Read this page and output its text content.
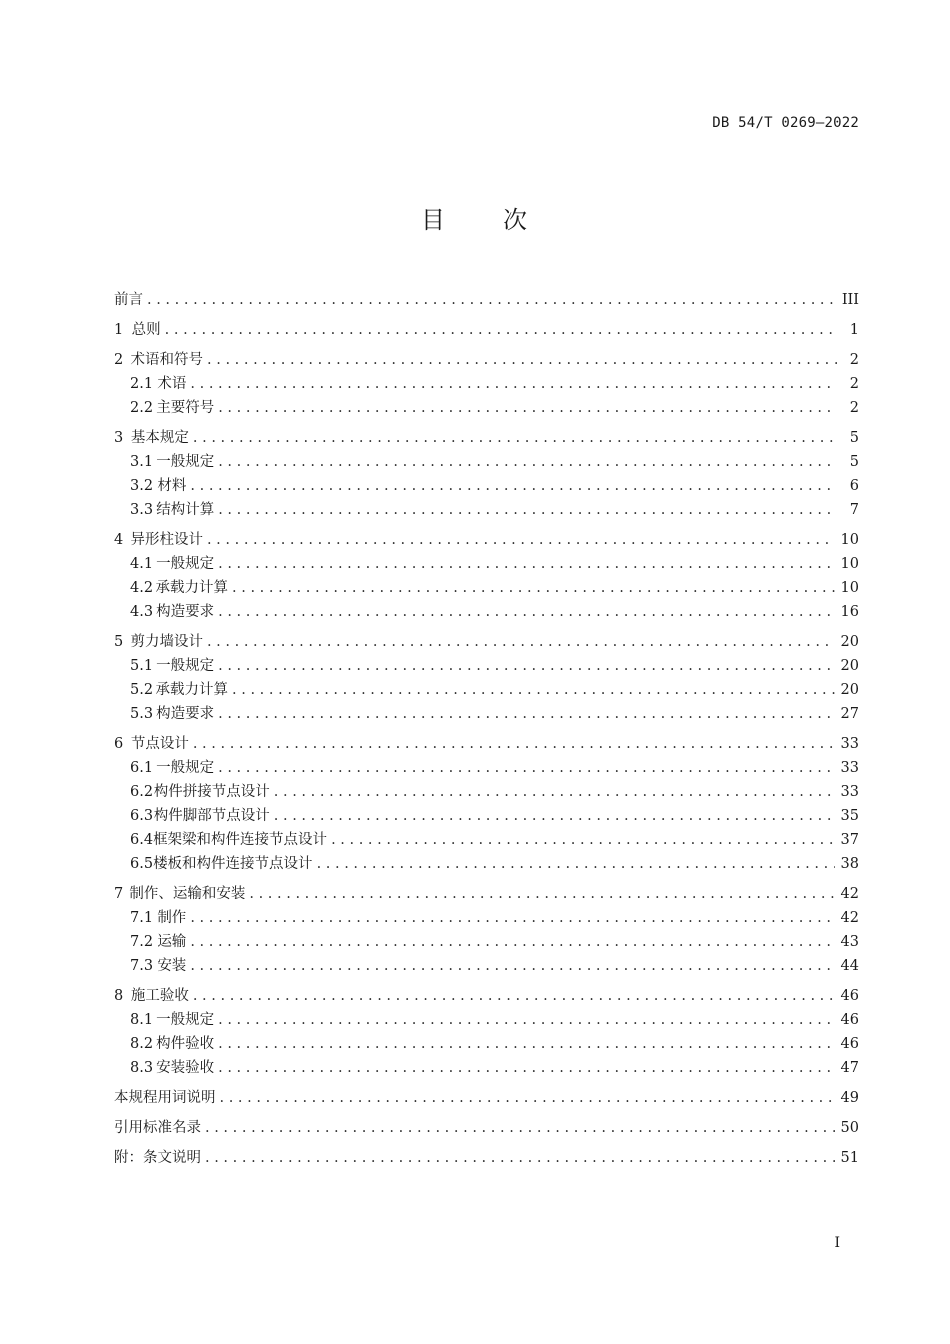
DB 54/T 0269—2022
目 次
前言 . . .	III
1 总则 . . .	1
2 术语和符号 . . .	2
2.1 术语 . . .	2
2.2 主要符号 . . .	2
3 基本规定 . . .	5
3.1 一般规定 . . .	5
3.2 材料 . . .	6
3.3 结构计算 . . .	7
4 异形柱设计 . . .	10
4.1 一般规定 . . .	10
4.2 承载力计算 . . .	10
4.3 构造要求 . . .	16
5 剪力墙设计 . . .	20
5.1 一般规定 . . .	20
5.2 承载力计算 . . .	20
5.3 构造要求 . . .	27
6 节点设计 . . .	33
6.1 一般规定 . . .	33
6.2 构件拼接节点设计 . . .	33
6.3 构件脚部节点设计 . . .	35
6.4 框架梁和构件连接节点设计 . . .	37
6.5 楼板和构件连接节点设计 . . .	38
7 制作、运输和安装 . . .	42
7.1 制作 . . .	42
7.2 运输 . . .	43
7.3 安装 . . .	44
8 施工验收 . . .	46
8.1 一般规定 . . .	46
8.2 构件验收 . . .	46
8.3 安装验收 . . .	47
本规程用词说明 . . .	49
引用标准名录 . . .	50
附：条文说明 . . .	51
I
